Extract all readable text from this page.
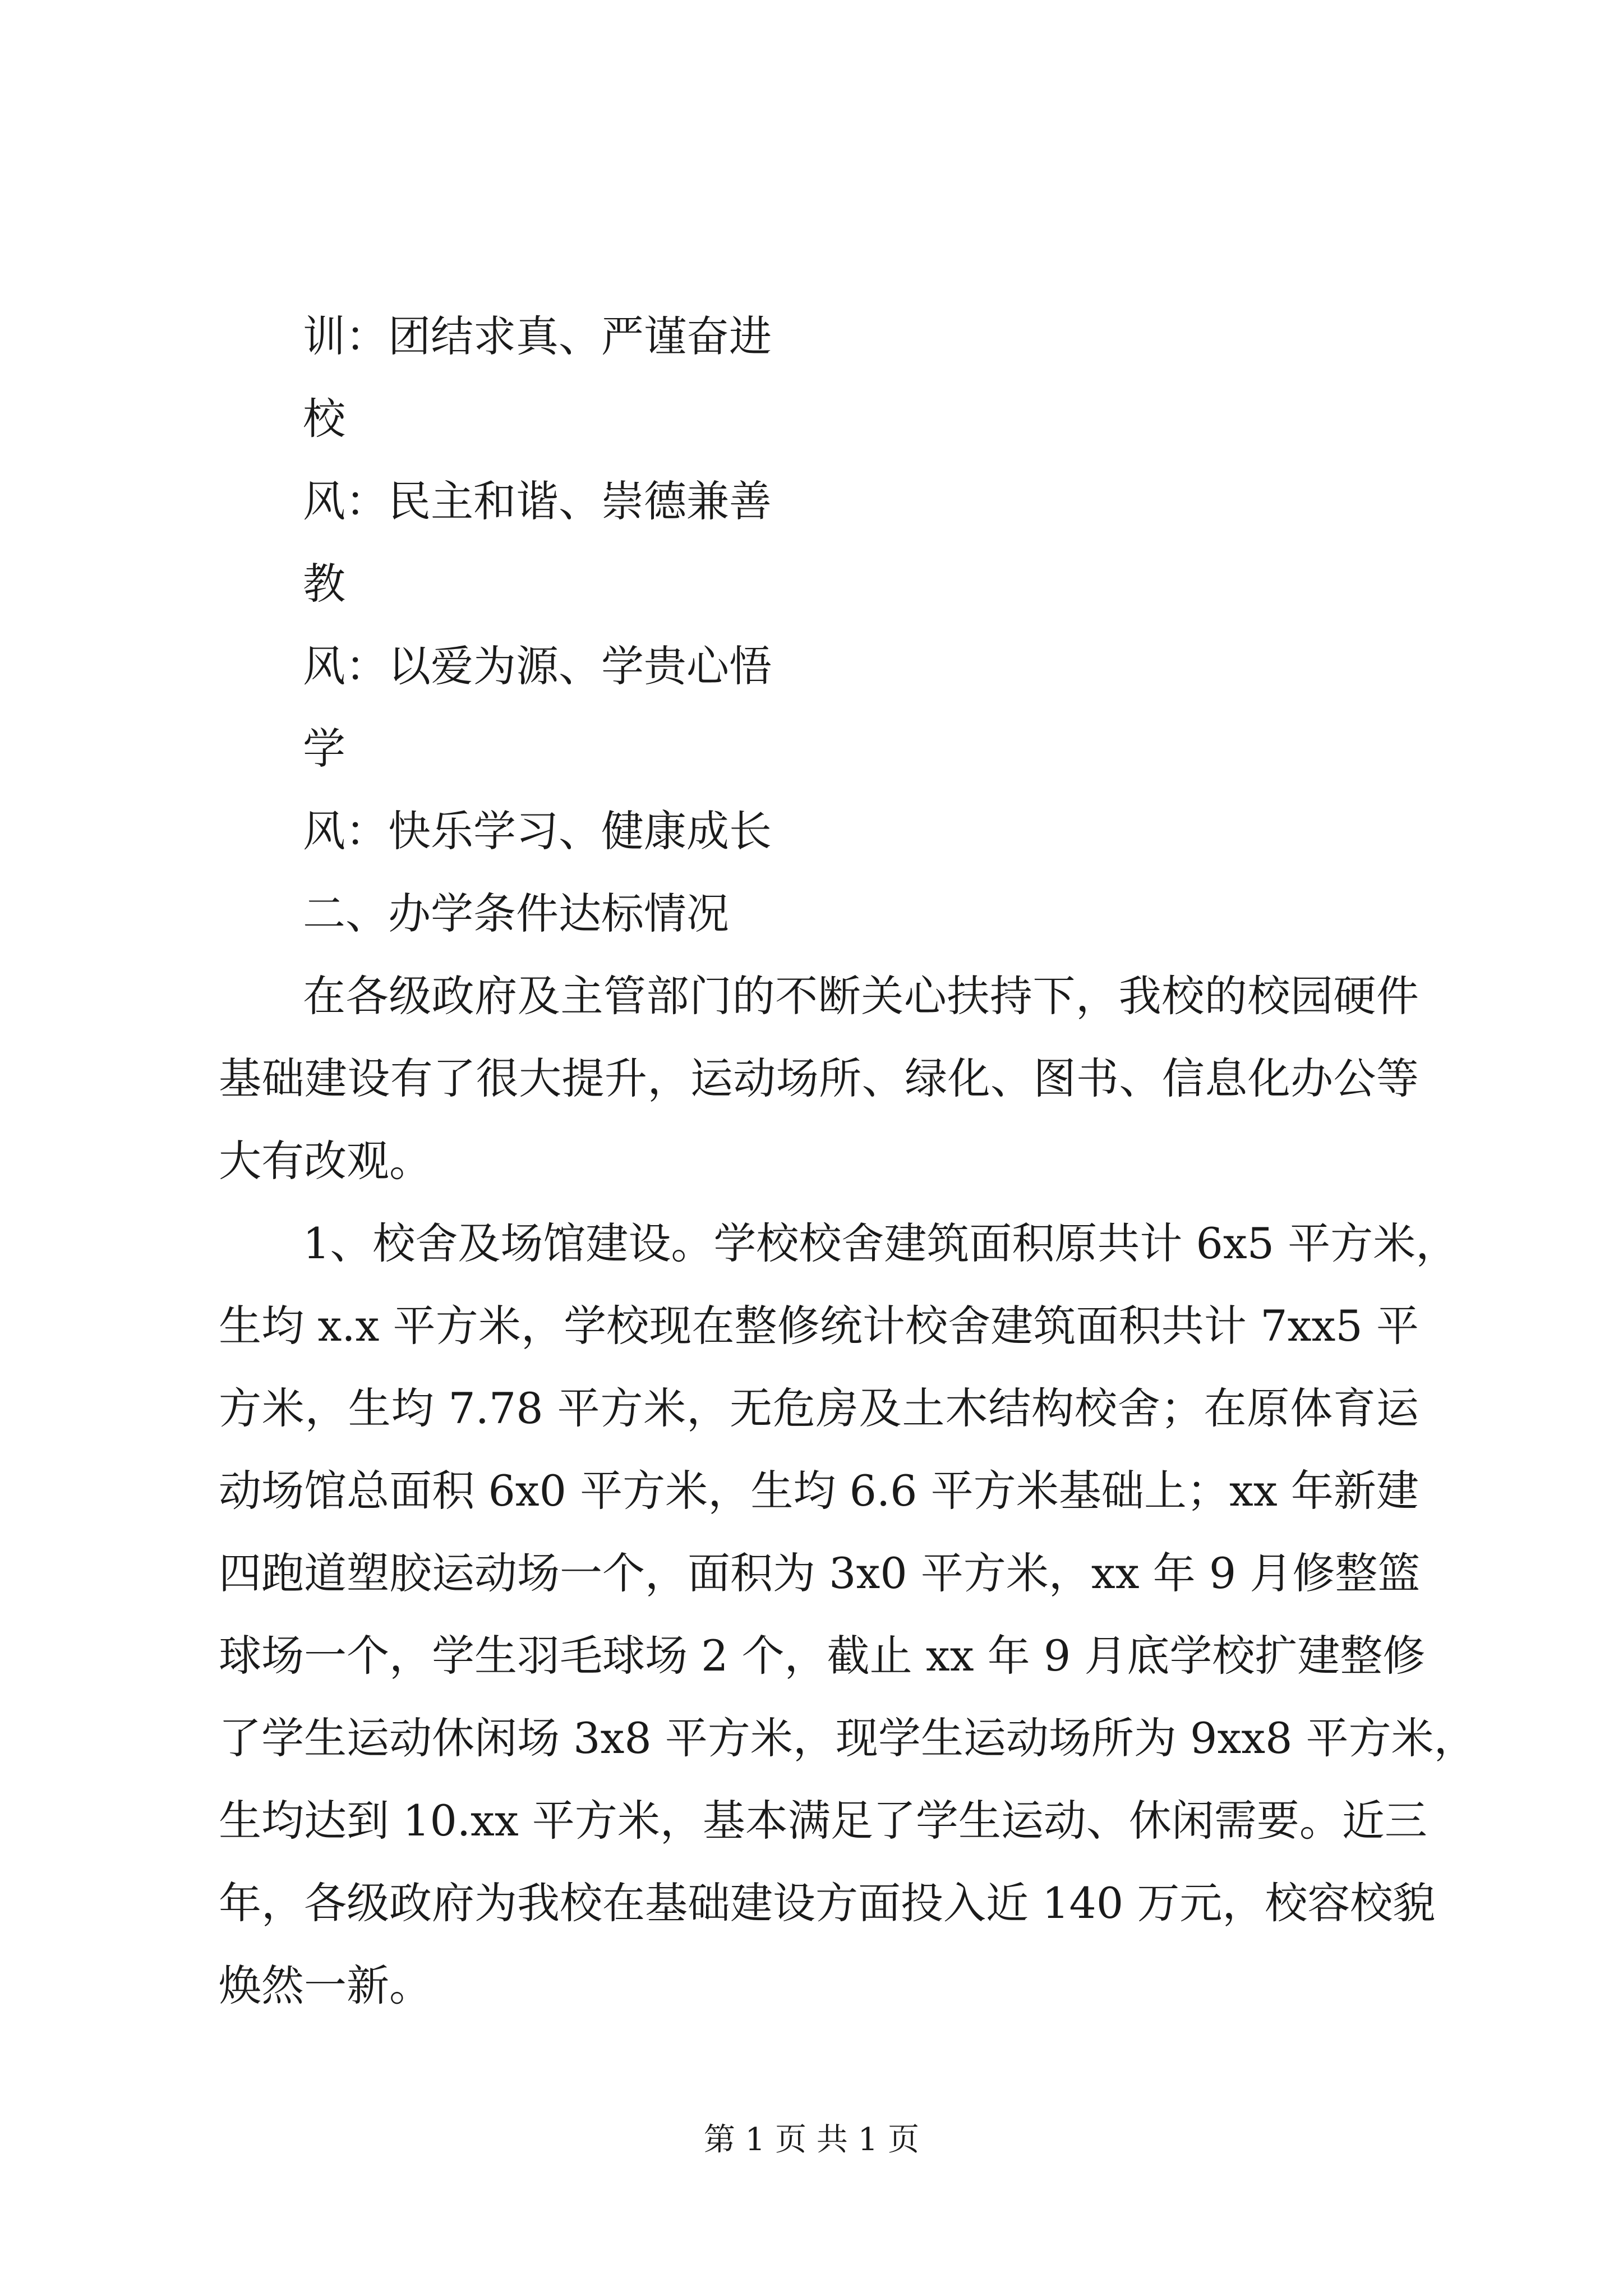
训：团结求真、严谨奋进
校
风：民主和谐、崇德兼善
教
风：以爱为源、学贵心悟
学
风：快乐学习、健康成长
二、办学条件达标情况
在各级政府及主管部门的不断关心扶持下，我校的校园硬件
基础建设有了很大提升，运动场所、绿化、图书、信息化办公等
大有改观。
1、校舍及场馆建设。学校校舍建筑面积原共计 6x5 平方米，
生均 x.x 平方米，学校现在整修统计校舍建筑面积共计 7xx5 平
方米，生均 7.78 平方米，无危房及土木结构校舍；在原体育运
动场馆总面积 6x0 平方米，生均 6.6 平方米基础上；xx 年新建
四跑道塑胶运动场一个，面积为 3x0 平方米，xx 年 9 月修整篮
球场一个，学生羽毛球场 2 个，截止 xx 年 9 月底学校扩建整修
了学生运动休闲场 3x8 平方米，现学生运动场所为 9xx8 平方米，
生均达到 10.xx 平方米，基本满足了学生运动、休闲需要。近三
年，各级政府为我校在基础建设方面投入近 140 万元，校容校貌
焕然一新。
第 1 页 共 1 页
